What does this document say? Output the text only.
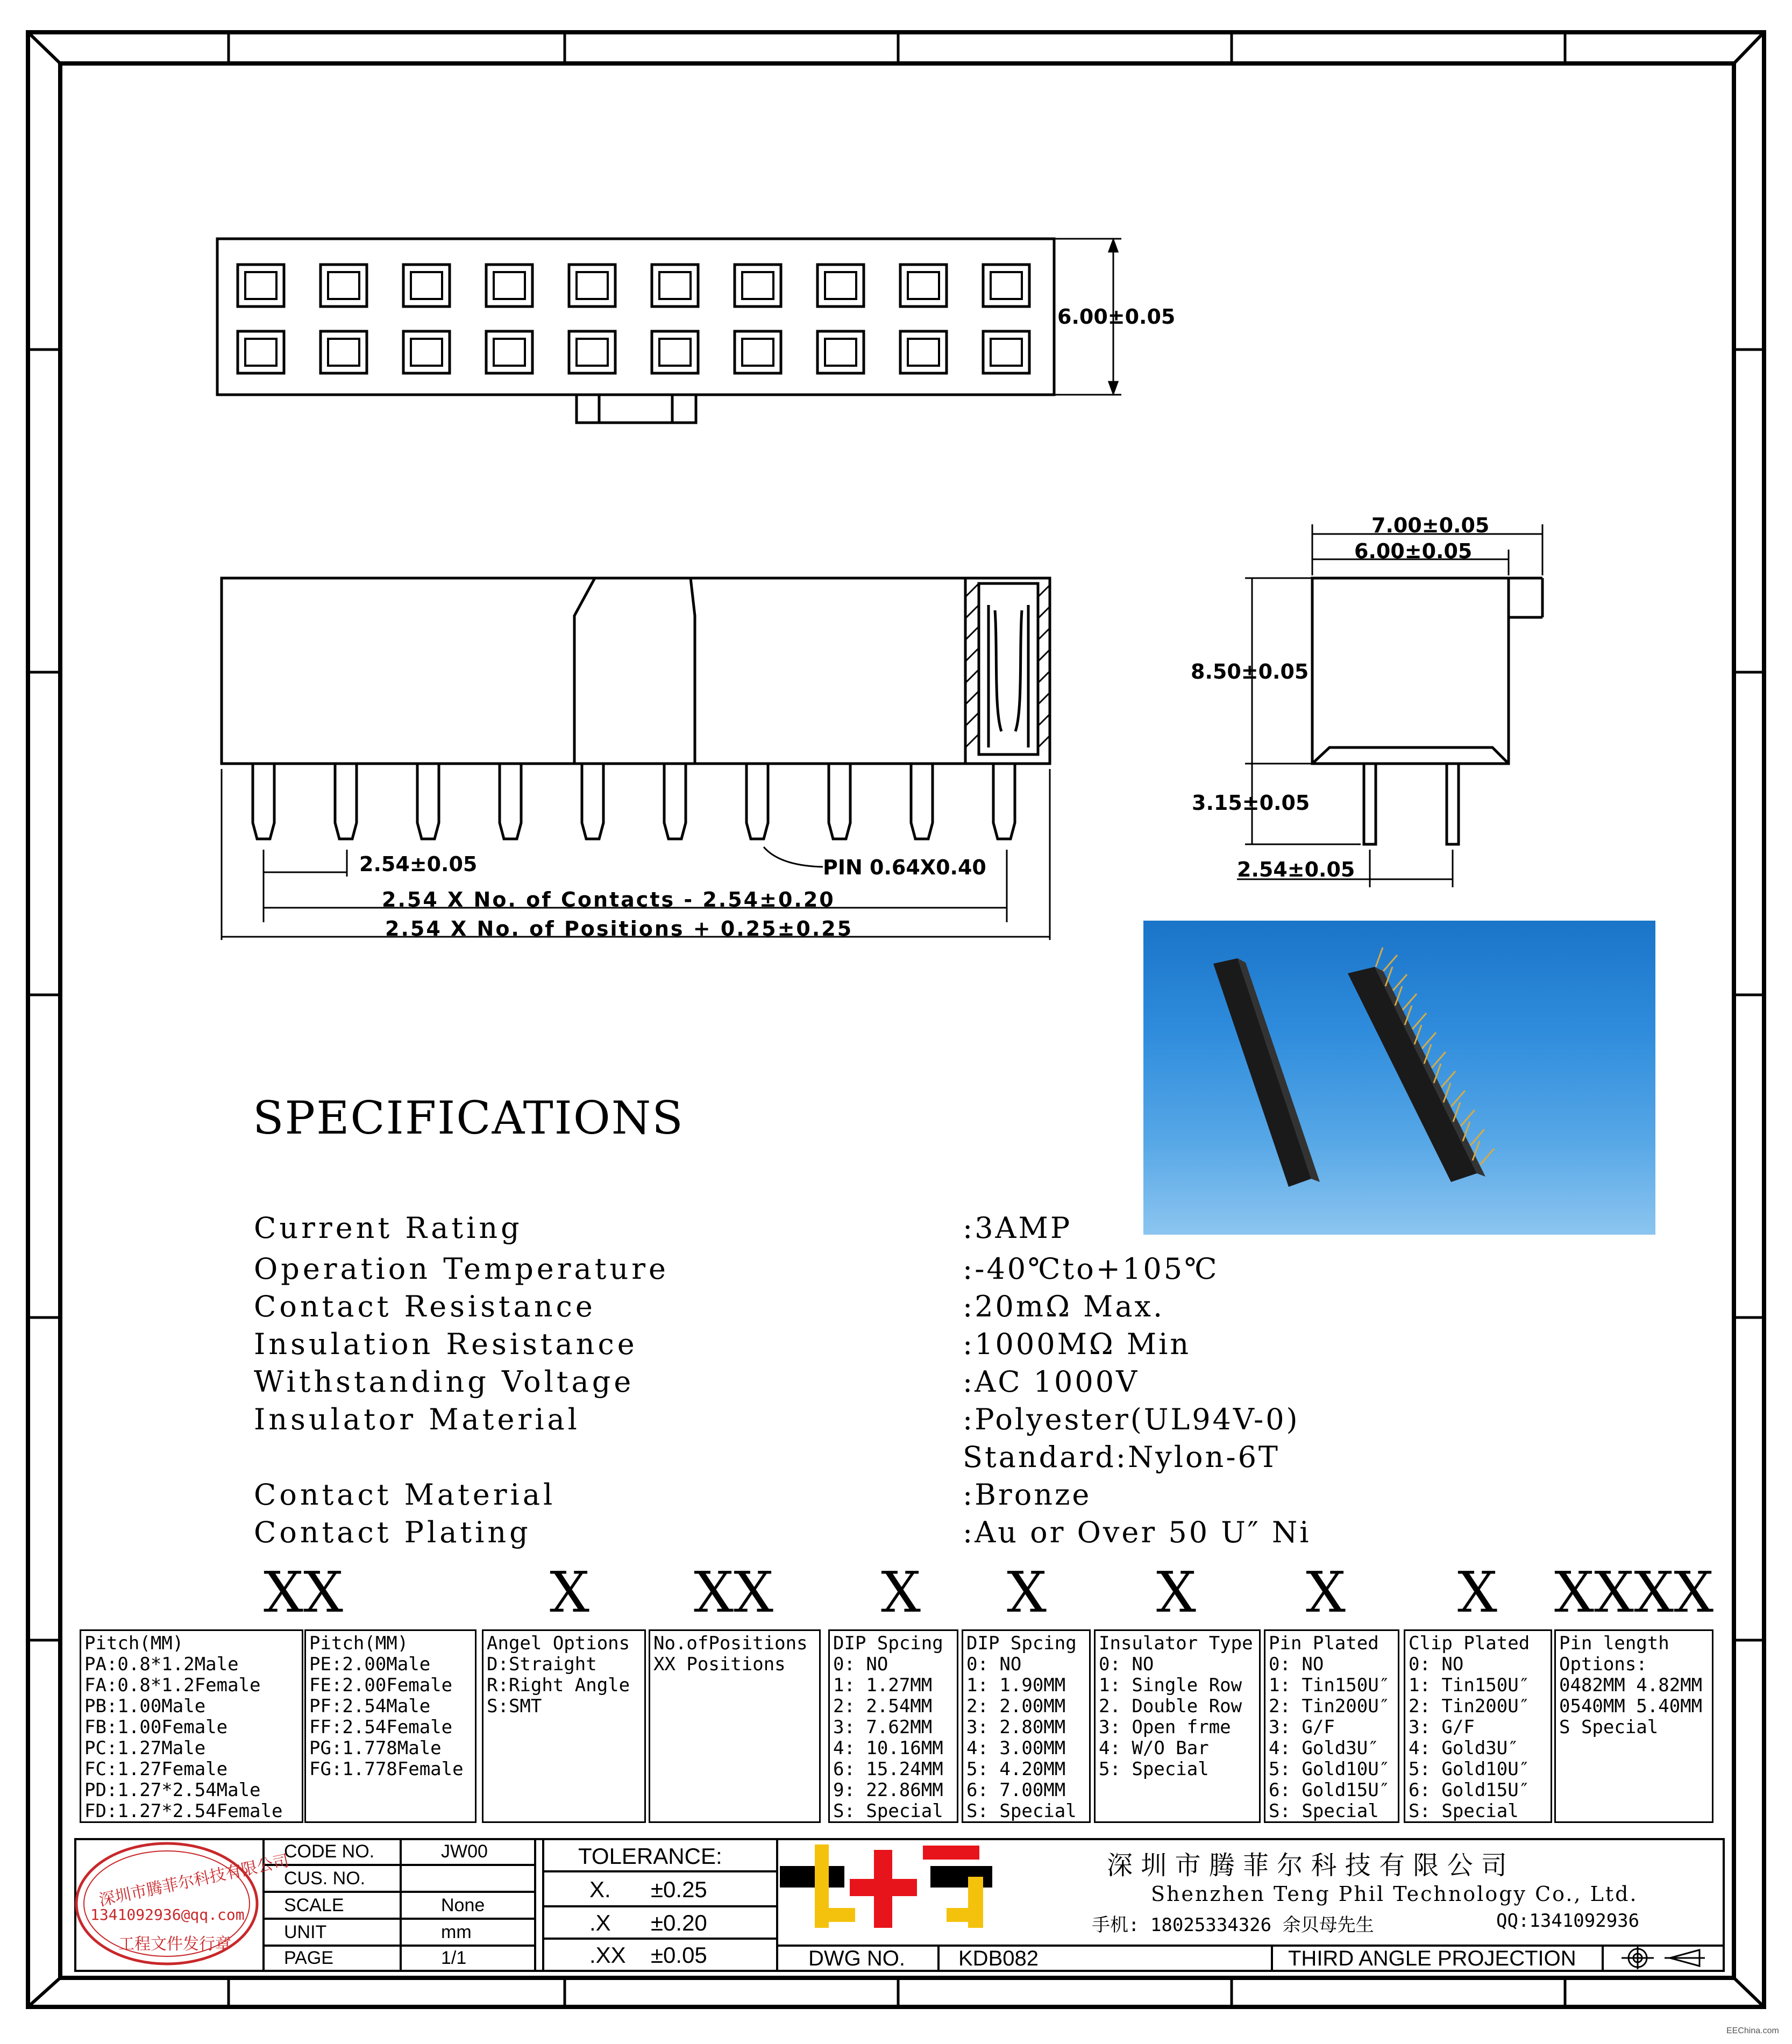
6.00±0.05
2.54±0.05	PIN 0.64X0.40
2.54 X No. of Contacts - 2.54±0.20
2.54 X No. of Positions + 0.25±0.25
7.00±0.05
6.00±0.05
8.50±0.05
3.15±0.05
2.54±0.05
SPECIFICATIONS
Current Rating	:3AMP
Operation Temperature	:-40℃to+105℃
Contact Resistance	:20mΩ Max.
Insulation Resistance	:1000MΩ Min
Withstanding Voltage	:AC 1000V
Insulator Material	:Polyester(UL94V-0)
Standard:Nylon-6T
Contact Material	:Bronze
Contact Plating	:Au or Over 50 U″ Ni
XX	X XX X X X X X XXXX
Pitch(MM)
PA:0.8*1.2Male
FA:0.8*1.2Female
PB:1.00Male
FB:1.00Female
PC:1.27Male
FC:1.27Female
PD:1.27*2.54Male
FD:1.27*2.54Female
Pitch(MM)
PE:2.00Male
FE:2.00Female
PF:2.54Male
FF:2.54Female
PG:1.778Male
FG:1.778Female
Angel Options
D:Straight
R:Right Angle
S:SMT
No.ofPositions
XX Positions
DIP Spcing
0: NO
1: 1.27MM
2: 2.54MM
3: 7.62MM
4: 10.16MM
6: 15.24MM
9: 22.86MM
S: Special
DIP Spcing
0: NO
1: 1.90MM
2: 2.00MM
3: 2.80MM
4: 3.00MM
5: 4.20MM
6: 7.00MM
S: Special
Insulator Type
0: NO
1: Single Row
2. Double Row
3: Open frme
4: W/O Bar
5: Special
Pin Plated
0: NO
1: Tin150U″
2: Tin200U″
3: G/F
4: Gold3U″
5: Gold10U″
6: Gold15U″
S: Special
Clip Plated
0: NO
1: Tin150U″
2: Tin200U″
3: G/F
4: Gold3U″
5: Gold10U″
6: Gold15U″
S: Special
Pin length
Options:
0482MM 4.82MM
0540MM 5.40MM
S Special
深圳市腾菲尔科技有限公司
1341092936@qq.com
工程文件发行章
CODE NO.	JW00
CUS. NO.
SCALE	None
UNIT	mm
PAGE	1/1
TOLERANCE:
X. ±0.25
.X ±0.20
.XX ±0.05
深 圳 市 腾 菲 尔 科 技 有 限 公 司
Shenzhen Teng Phil Technology Co., Ltd.
手机: 18025334326 余贝母先生	QQ:1341092936
DWG NO. KDB082	THIRD ANGLE PROJECTION
EEChina.com
